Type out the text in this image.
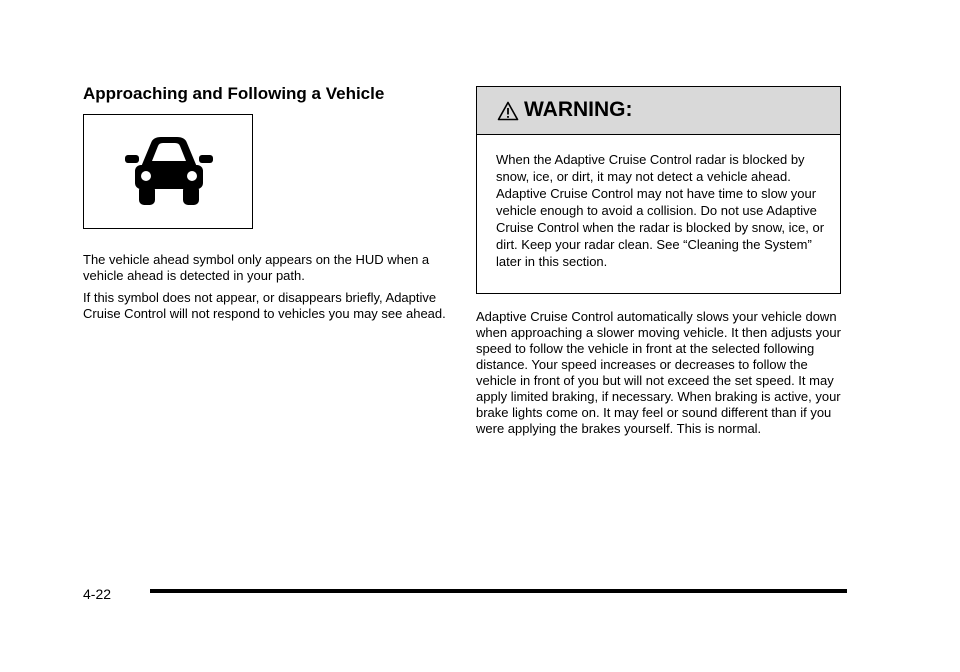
Approaching and Following a Vehicle

The vehicle ahead symbol only appears on the HUD when a vehicle ahead is detected in your path.

If this symbol does not appear, or disappears briefly, Adaptive Cruise Control will not respond to vehicles you may see ahead.

WARNING:

When the Adaptive Cruise Control radar is blocked by snow, ice, or dirt, it may not detect a vehicle ahead. Adaptive Cruise Control may not have time to slow your vehicle enough to avoid a collision. Do not use Adaptive Cruise Control when the radar is blocked by snow, ice, or dirt. Keep your radar clean. See “Cleaning the System” later in this section.

Adaptive Cruise Control automatically slows your vehicle down when approaching a slower moving vehicle. It then adjusts your speed to follow the vehicle in front at the selected following distance. Your speed increases or decreases to follow the vehicle in front of you but will not exceed the set speed. It may apply limited braking, if necessary. When braking is active, your brake lights come on. It may feel or sound different than if you were applying the brakes yourself. This is normal.

4-22
